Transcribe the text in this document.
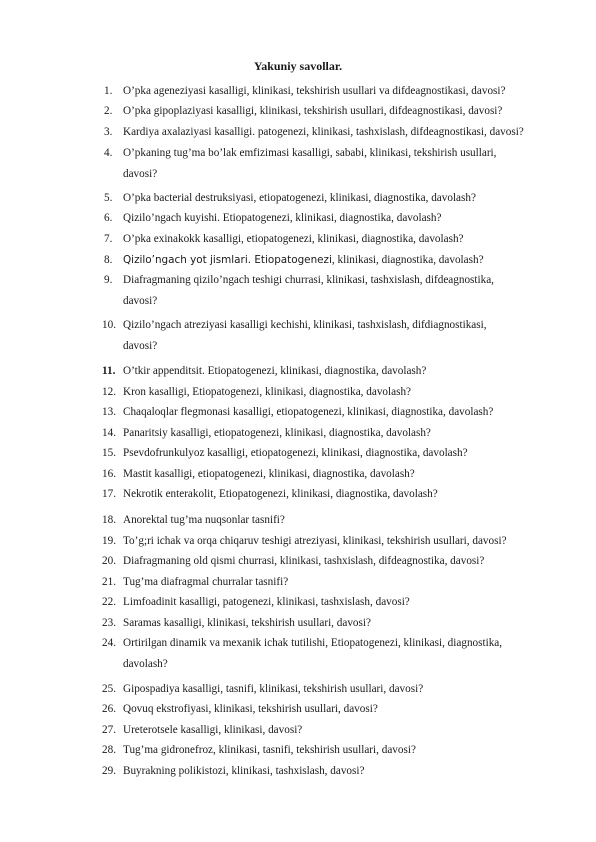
Yakuniy savollar.
1. O’pka ageneziyasi kasalligi, klinikasi, tekshirish usullari va difdeagnostikasi, davosi?
2. O’pka gipoplaziyasi kasalligi, klinikasi, tekshirish usullari, difdeagnostikasi, davosi?
3. Kardiya axalaziyasi kasalligi. patogenezi, klinikasi, tashxislash, difdeagnostikasi, davosi?
4. O’pkaning tug’ma bo’lak emfizimasi kasalligi, sababi, klinikasi, tekshirish usullari,
davosi?
5. O’pka bacterial destruksiyasi, etiopatogenezi, klinikasi, diagnostika, davolash?
6. Qizilo’ngach kuyishi. Etiopatogenezi, klinikasi, diagnostika, davolash?
7. O’pka exinakokk kasalligi, etiopatogenezi, klinikasi, diagnostika, davolash?
8. Qizilo’ngach yot jismlari. Etiopatogenezi, klinikasi, diagnostika, davolash?
9. Diafragmaning qizilo’ngach teshigi churrasi, klinikasi, tashxislash, difdeagnostika,
davosi?
10. Qizilo’ngach atreziyasi kasalligi kechishi, klinikasi, tashxislash, difdiagnostikasi,
davosi?
11. O’tkir appenditsit. Etiopatogenezi, klinikasi, diagnostika, davolash?
12. Kron kasalligi, Etiopatogenezi, klinikasi, diagnostika, davolash?
13. Chaqaloqlar flegmonasi kasalligi, etiopatogenezi, klinikasi, diagnostika, davolash?
14. Panaritsiy kasalligi, etiopatogenezi, klinikasi, diagnostika, davolash?
15. Psevdofrunkulyoz kasalligi, etiopatogenezi, klinikasi, diagnostika, davolash?
16. Mastit kasalligi, etiopatogenezi, klinikasi, diagnostika, davolash?
17. Nekrotik enterakolit, Etiopatogenezi, klinikasi, diagnostika, davolash?
18. Anorektal tug’ma nuqsonlar tasnifi?
19. To’g;ri ichak va orqa chiqaruv teshigi atreziyasi, klinikasi, tekshirish usullari, davosi?
20. Diafragmaning old qismi churrasi, klinikasi, tashxislash, difdeagnostika, davosi?
21. Tug’ma diafragmal churralar tasnifi?
22. Limfoadinit kasalligi, patogenezi, klinikasi, tashxislash, davosi?
23. Saramas kasalligi, klinikasi, tekshirish usullari, davosi?
24. Ortirilgan dinamik va mexanik ichak tutilishi, Etiopatogenezi, klinikasi, diagnostika,
davolash?
25. Gipospadiya kasalligi, tasnifi, klinikasi, tekshirish usullari, davosi?
26. Qovuq ekstrofiyasi, klinikasi, tekshirish usullari, davosi?
27. Ureterotsele kasalligi, klinikasi, davosi?
28. Tug’ma gidronefroz, klinikasi, tasnifi, tekshirish usullari, davosi?
29. Buyrakning polikistozi, klinikasi, tashxislash, davosi?
